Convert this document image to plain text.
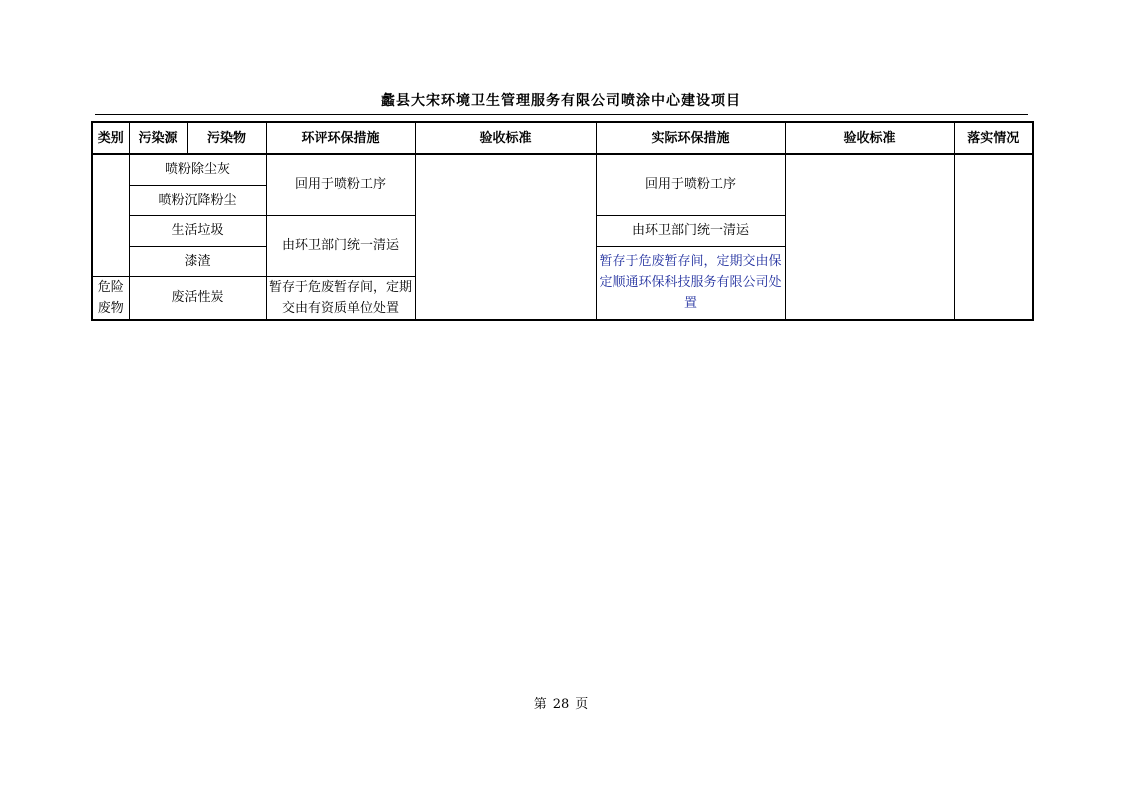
蠡县大宋环境卫生管理服务有限公司喷涂中心建设项目
类别	污染源	污染物	环评环保措施	验收标准	实际环保措施	验收标准	落实情况
	喷粉除尘灰		回用于喷粉工序		回用于喷粉工序		
	喷粉沉降粉尘						
	生活垃圾		由环卫部门统一清运		由环卫部门统一清运		
	漆渣				暂存于危废暂存间，定期交由保定顺通环保科技服务有限公司处置		
危险废物	废活性炭		暂存于危废暂存间，定期交由有资质单位处置				
第 28 页
